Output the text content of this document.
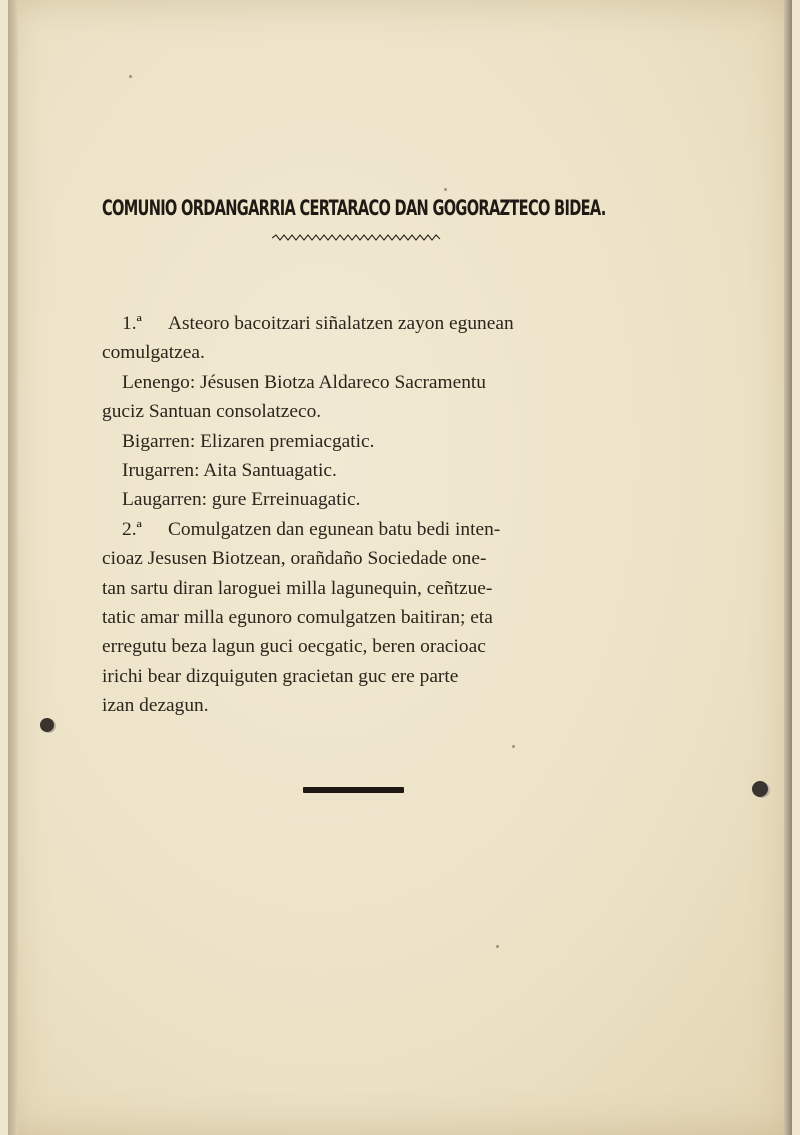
COMUNIO ORDANGARRIA CERTARACO DAN GOGORAZTECO BIDEA.
1.ª Asteoro bacoitzari siñalatzen zayon egunean
comulgatzea.
Lenengo: Jésusen Biotza Aldareco Sacramentu
guciz Santuan consolatzeco.
Bigarren: Elizaren premiacgatic.
Irugarren: Aita Santuagatic.
Laugarren: gure Erreinuagatic.
2.ª Comulgatzen dan egunean batu bedi inten-
cioaz Jesusen Biotzean, orañdaño Sociedade one-
tan sartu diran laroguei milla lagunequin, ceñtzue-
tatic amar milla egunoro comulgatzen baitiran; eta
erregutu beza lagun guci oecgatic, beren oracioac
irichi bear dizquiguten gracietan guc ere parte
izan dezagun.
